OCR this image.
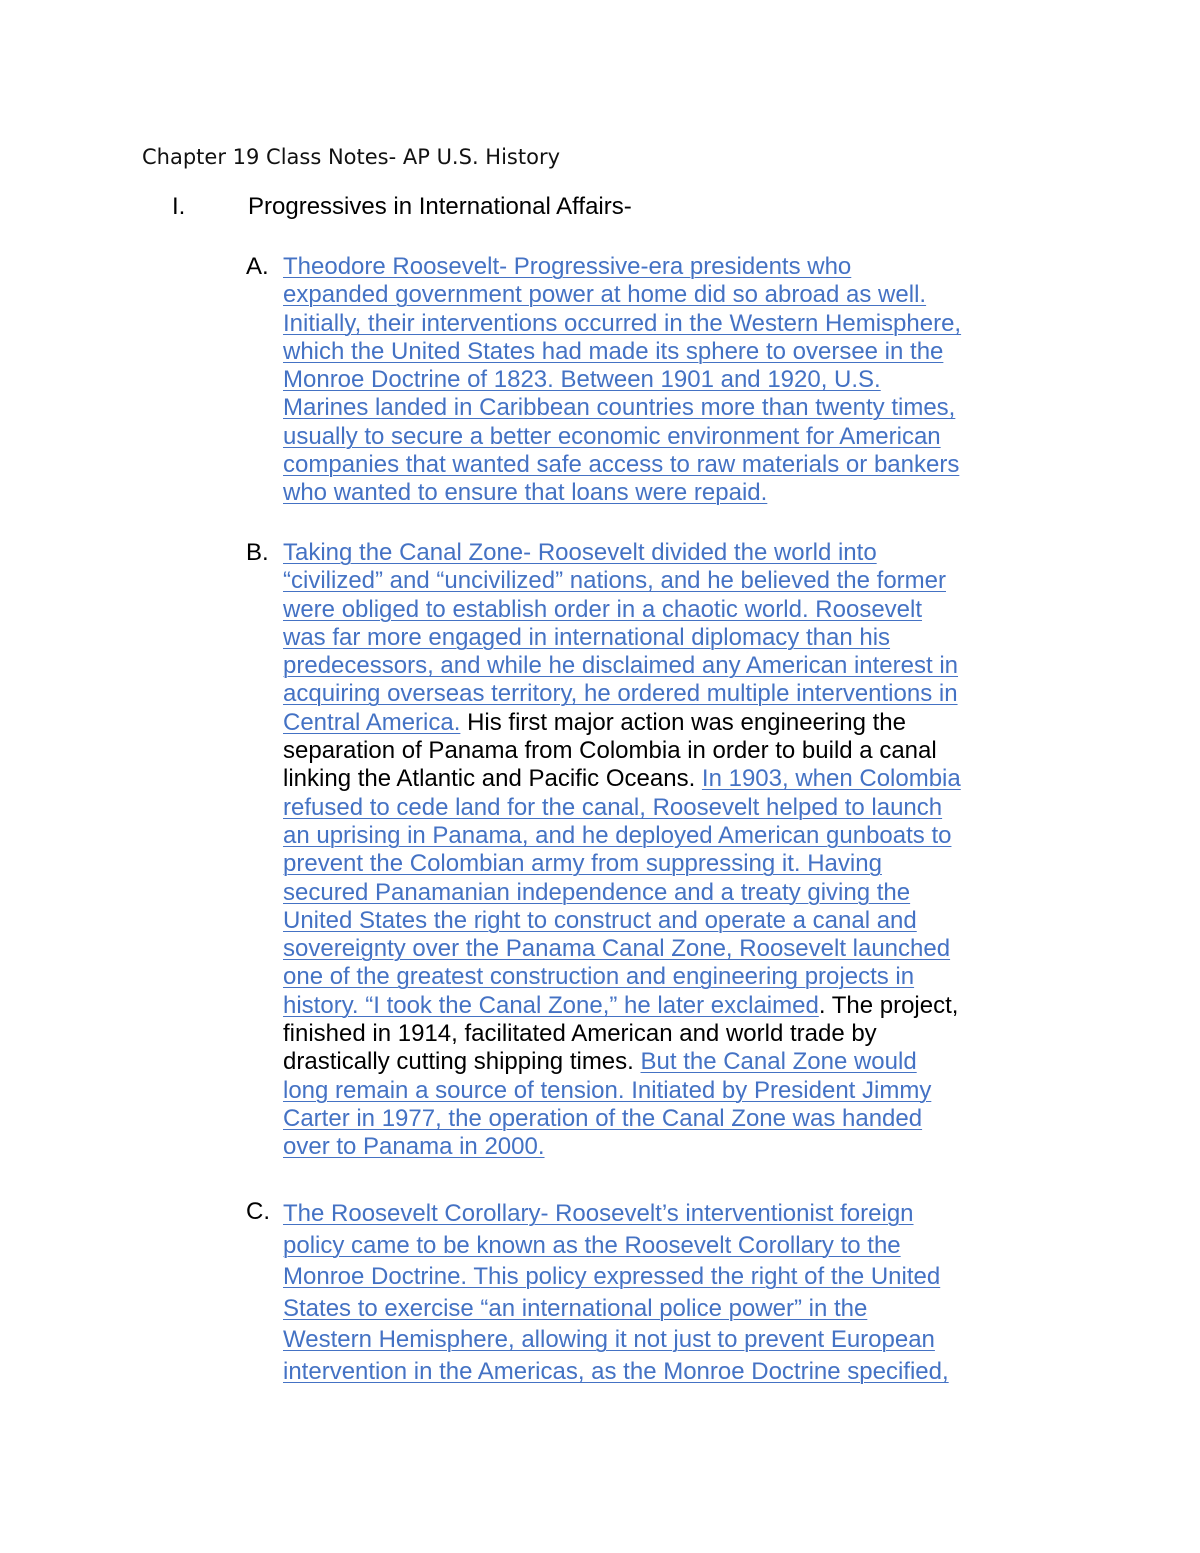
Chapter 19 Class Notes- AP U.S. History
I.	Progressives in International Affairs-
A. Theodore Roosevelt- Progressive-era presidents who

expanded government power at home did so abroad as well.

Initially, their interventions occurred in the Western Hemisphere,

which the United States had made its sphere to oversee in the

Monroe Doctrine of 1823. Between 1901 and 1920, U.S.

Marines landed in Caribbean countries more than twenty times,

usually to secure a better economic environment for American

companies that wanted safe access to raw materials or bankers

who wanted to ensure that loans were repaid.

B. Taking the Canal Zone- Roosevelt divided the world into

“civilized” and “uncivilized” nations, and he believed the former

were obliged to establish order in a chaotic world. Roosevelt

was far more engaged in international diplomacy than his

predecessors, and while he disclaimed any American interest in

acquiring overseas territory, he ordered multiple interventions in

Central America. His first major action was engineering the

separation of Panama from Colombia in order to build a canal

linking the Atlantic and Pacific Oceans. In 1903, when Colombia

refused to cede land for the canal, Roosevelt helped to launch

an uprising in Panama, and he deployed American gunboats to

prevent the Colombian army from suppressing it. Having

secured Panamanian independence and a treaty giving the

United States the right to construct and operate a canal and

sovereignty over the Panama Canal Zone, Roosevelt launched

one of the greatest construction and engineering projects in

history. “I took the Canal Zone,” he later exclaimed. The project,

finished in 1914, facilitated American and world trade by

drastically cutting shipping times. But the Canal Zone would

long remain a source of tension. Initiated by President Jimmy

Carter in 1977, the operation of the Canal Zone was handed

over to Panama in 2000.

C. The Roosevelt Corollary- Roosevelt’s interventionist foreign

policy came to be known as the Roosevelt Corollary to the

Monroe Doctrine. This policy expressed the right of the United

States to exercise “an international police power” in the

Western Hemisphere, allowing it not just to prevent European

intervention in the Americas, as the Monroe Doctrine specified,
